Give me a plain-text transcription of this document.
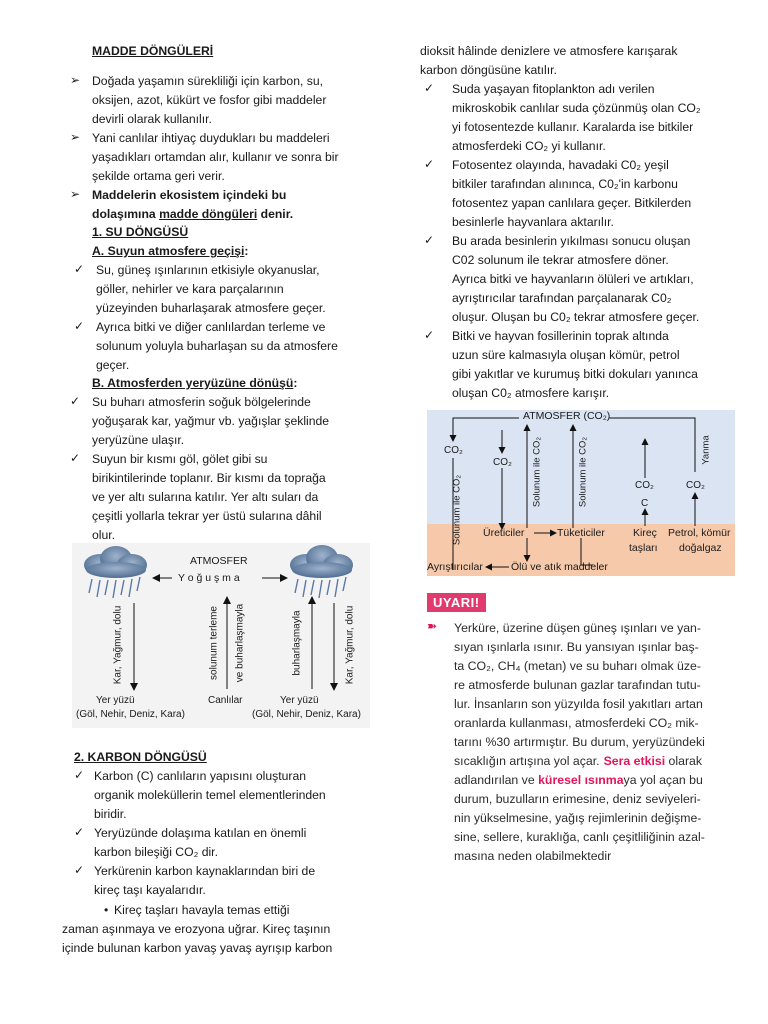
MADDE DÖNGÜLERİ
➢ Doğada yaşamın sürekliliği için karbon, su,
oksijen, azot, kükürt ve fosfor gibi maddeler
devirli olarak kullanılır.
➢ Yani canlılar ihtiyaç duydukları bu maddeleri
yaşadıkları ortamdan alır, kullanır ve sonra bir
şekilde ortama geri verir.
➢ Maddelerin ekosistem içindeki bu
dolaşımına madde döngüleri denir.
1. SU DÖNGÜSÜ
A. Suyun atmosfere geçişi:
✓ Su, güneş ışınlarının etkisiyle okyanuslar,
göller, nehirler ve kara parçalarının
yüzeyinden buharlaşarak atmosfere geçer.
✓ Ayrıca bitki ve diğer canlılardan terleme ve
solunum yoluyla buharlaşan su da atmosfere
geçer.
B. Atmosferden yeryüzüne dönüşü:
✓ Su buharı atmosferin soğuk bölgelerinde
yoğuşarak kar, yağmur vb. yağışlar şeklinde
yeryüzüne ulaşır.
✓ Suyun bir kısmı göl, gölet gibi su
birikintilerinde toplanır. Bir kısmı da toprağa
ve yer altı sularına katılır. Yer altı suları da
çeşitli yollarla tekrar yer üstü sularına dâhil
olur.
ATMOSFER
Y o ğ u ş m a
Kar, Yağmur, dolu	solunum terleme ve buharlaşmayla	buharlaşmayla	Kar, Yağmur, dolu
Yer yüzü
(Göl, Nehir, Deniz, Kara)
Canlılar	Yer yüzü
(Göl, Nehir, Deniz, Kara)
2. KARBON DÖNGÜSÜ
✓ Karbon (C) canlıların yapısını oluşturan
organik moleküllerin temel elementlerinden
biridir.
✓ Yeryüzünde dolaşıma katılan en önemli
karbon bileşiği CO₂ dir.
✓ Yerkürenin karbon kaynaklarından biri de
kireç taşı kayalarıdır.
• Kireç taşları havayla temas ettiği
zaman aşınmaya ve erozyona uğrar. Kireç taşının
içinde bulunan karbon yavaş yavaş ayrışıp karbon
dioksit hâlinde denizlere ve atmosfere karışarak
karbon döngüsüne katılır.
✓ Suda yaşayan fitoplankton adı verilen
mikroskobik canlılar suda çözünmüş olan CO₂
yi fotosentezde kullanır. Karalarda ise bitkiler
atmosferdeki CO₂ yi kullanır.
✓ Fotosentez olayında, havadaki C0₂ yeşil
bitkiler tarafından alınınca, C0₂'in karbonu
fotosentez yapan canlılara geçer. Bitkilerden
besinlerle hayvanlara aktarılır.
✓ Bu arada besinlerin yıkılması sonucu oluşan
C02 solunum ile tekrar atmosfere döner.
Ayrıca bitki ve hayvanların ölüleri ve artıkları,
ayrıştırıcılar tarafından parçalanarak C0₂
oluşur. Oluşan bu C0₂ tekrar atmosfere geçer.
✓ Bitki ve hayvan fosillerinin toprak altında
uzun süre kalmasıyla oluşan kömür, petrol
gibi yakıtlar ve kurumuş bitki dokuları yanınca
oluşan C0₂ atmosfere karışır.
ATMOSFER (CO₂)
CO₂
CO₂
Solunum ile CO₂
Solunum ile CO₂	Solunum ile CO₂	Yanma
CO₂
C
CO₂
Üreticiler	Tüketiciler	Kireç
taşları
Petrol, kömür
doğalgaz
Ayrıştırıcılar	Ölü ve atık maddeler
UYARI!
➽ Yerküre, üzerine düşen güneş ışınları ve yan-
sıyan ışınlarla ısınır. Bu yansıyan ışınlar baş-
ta CO₂, CH₄ (metan) ve su buharı olmak üze-
re atmosferde bulunan gazlar tarafından tutu-
lur. İnsanların son yüzyılda fosil yakıtları artan
oranlarda kullanması, atmosferdeki CO₂ mik-
tarını %30 artırmıştır. Bu durum, yeryüzündeki
sıcaklığın artışına yol açar. Sera etkisi olarak
adlandırılan ve küresel ısınmaya yol açan bu
durum, buzulların erimesine, deniz seviyeleri-
nin yükselmesine, yağış rejimlerinin değişme-
sine, sellere, kuraklığa, canlı çeşitliliğinin azal-
masına neden olabilmektedir
